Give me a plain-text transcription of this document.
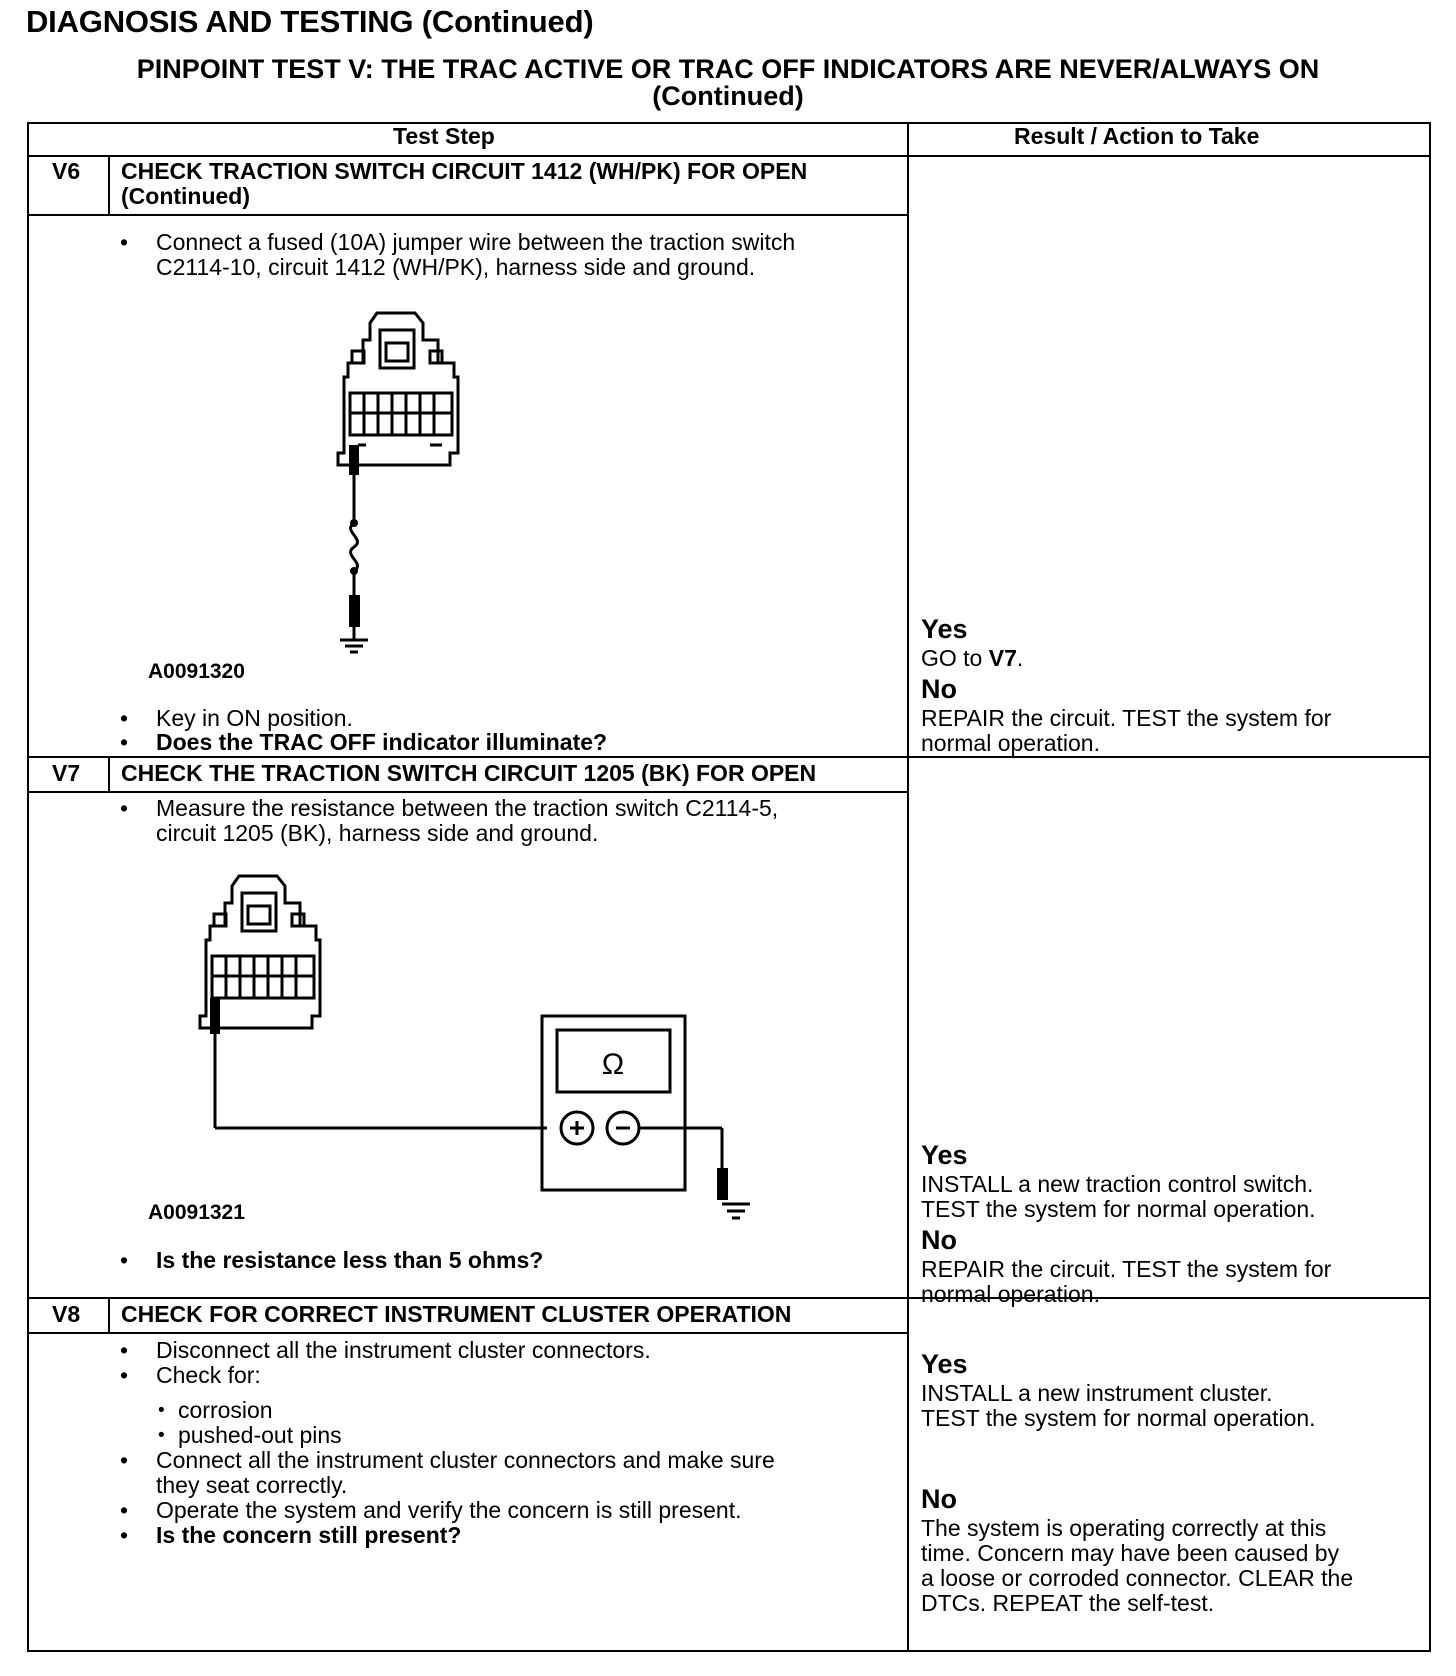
DIAGNOSIS AND TESTING (Continued)
PINPOINT TEST V: THE TRAC ACTIVE OR TRAC OFF INDICATORS ARE NEVER/ALWAYS ON
(Continued)
Test Step	Result / Action to Take
V6 CHECK TRACTION SWITCH CIRCUIT 1412 (WH/PK) FOR OPEN
(Continued)
• Connect a fused (10A) jumper wire between the traction switch
C2114-10, circuit 1412 (WH/PK), harness side and ground.
A0091320
• Key in ON position.
• Does the TRAC OFF indicator illuminate?
Yes
GO to V7.
No
REPAIR the circuit. TEST the system for
normal operation.
V7 CHECK THE TRACTION SWITCH CIRCUIT 1205 (BK) FOR OPEN
• Measure the resistance between the traction switch C2114-5,
circuit 1205 (BK), harness side and ground.
Ω
A0091321
• Is the resistance less than 5 ohms?
Yes
INSTALL a new traction control switch.
TEST the system for normal operation.
No
REPAIR the circuit. TEST the system for
normal operation.
V8 CHECK FOR CORRECT INSTRUMENT CLUSTER OPERATION
• Disconnect all the instrument cluster connectors.
• Check for:
• corrosion
• pushed-out pins
• Connect all the instrument cluster connectors and make sure
they seat correctly.
• Operate the system and verify the concern is still present.
• Is the concern still present?
Yes
INSTALL a new instrument cluster.
TEST the system for normal operation.
No
The system is operating correctly at this
time. Concern may have been caused by
a loose or corroded connector. CLEAR the
DTCs. REPEAT the self-test.
